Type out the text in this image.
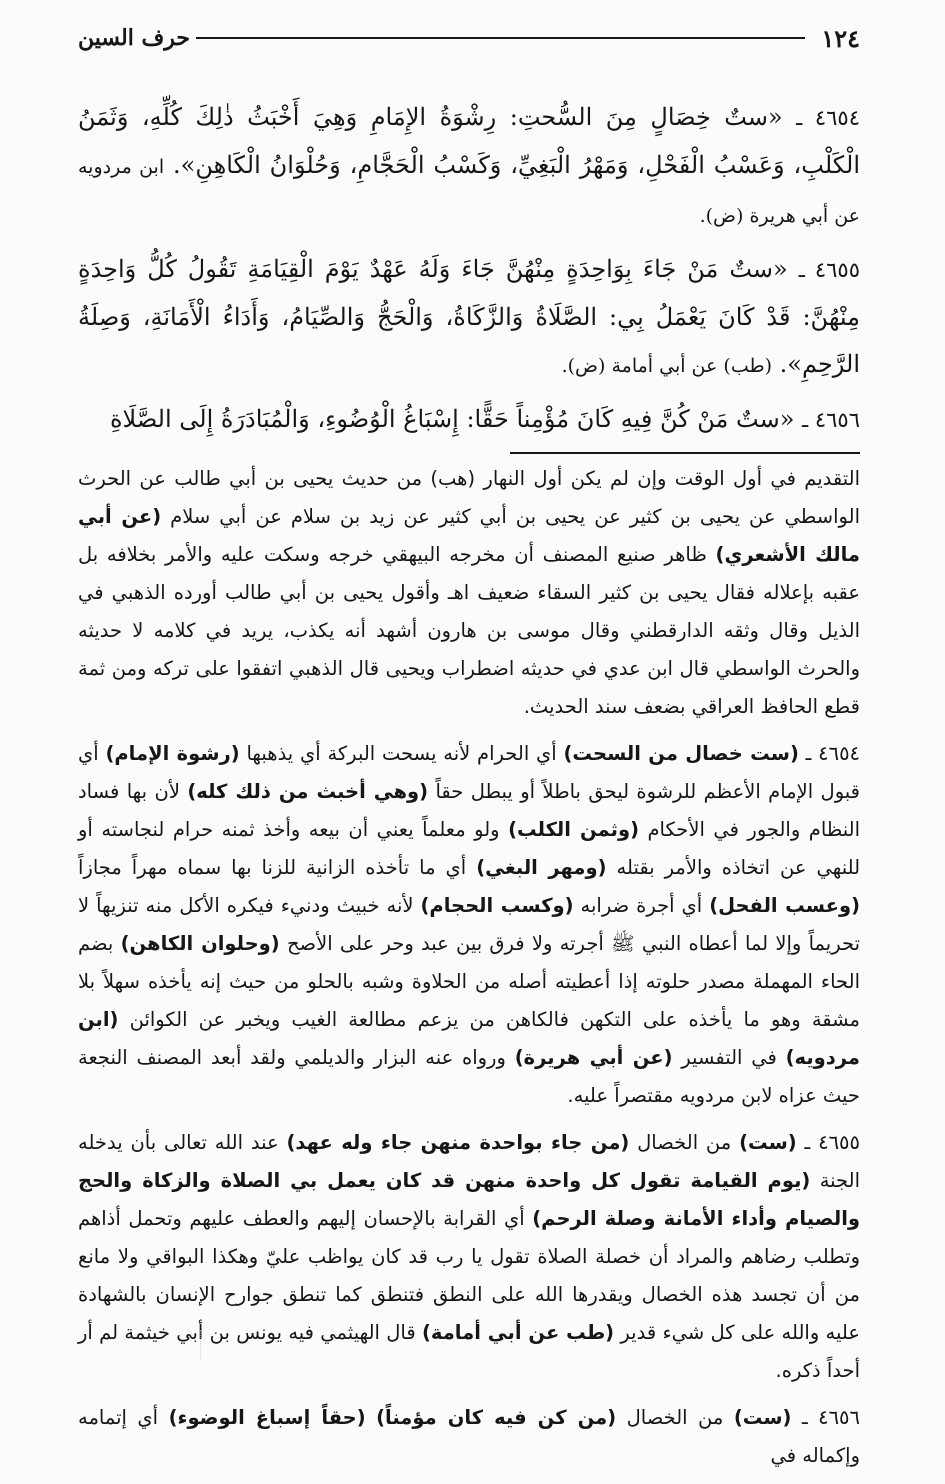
١٢٤
حرف السين

٤٦٥٤ ـ «ستٌ خِصَالٍ مِنَ السُّحتِ: رِشْوَةُ الإِمَامِ وَهِيَ أَخْبَثُ ذٰلِكَ كُلِّهِ، وَثَمَنُ الْكَلْبِ، وَعَسْبُ الْفَحْلِ، وَمَهْرُ الْبَغِيِّ، وَكَسْبُ الْحَجَّامِ، وَحُلْوَانُ الْكَاهِنِ». ابن مردويه عن أبي هريرة (ض).

٤٦٥٥ ـ «ستٌ مَنْ جَاءَ بِوَاحِدَةٍ مِنْهُنَّ جَاءَ وَلَهُ عَهْدٌ يَوْمَ الْقِيَامَةِ تَقُولُ كُلُّ وَاحِدَةٍ مِنْهُنَّ: قَدْ كَانَ يَعْمَلُ بِي: الصَّلَاةُ وَالزَّكَاةُ، وَالْحَجُّ وَالصِّيَامُ، وَأَدَاءُ الْأَمَانَةِ، وَصِلَةُ الرَّحِمِ». (طب) عن أبي أمامة (ض).

٤٦٥٦ ـ «ستٌ مَنْ كُنَّ فِيهِ كَانَ مُؤْمِناً حَقًّا: إِسْبَاغُ الْوُضُوءِ، وَالْمُبَادَرَةُ إِلَى الصَّلَاةِ

التقديم في أول الوقت وإن لم يكن أول النهار (هب) من حديث يحيى بن أبي طالب عن الحرث الواسطي عن يحيى بن كثير عن يحيى بن أبي كثير عن زيد بن سلام عن أبي سلام (عن أبي مالك الأشعري) ظاهر صنيع المصنف أن مخرجه البيهقي خرجه وسكت عليه والأمر بخلافه بل عقبه بإعلاله فقال يحيى بن كثير السقاء ضعيف اهـ وأقول يحيى بن أبي طالب أورده الذهبي في الذيل وقال وثقه الدارقطني وقال موسى بن هارون أشهد أنه يكذب، يريد في كلامه لا حديثه والحرث الواسطي قال ابن عدي في حديثه اضطراب ويحيى قال الذهبي اتفقوا على تركه ومن ثمة قطع الحافظ العراقي بضعف سند الحديث.

٤٦٥٤ ـ (ست خصال من السحت) أي الحرام لأنه يسحت البركة أي يذهبها (رشوة الإمام) أي قبول الإمام الأعظم للرشوة ليحق باطلاً أو يبطل حقاً (وهي أخبث من ذلك كله) لأن بها فساد النظام والجور في الأحكام (وثمن الكلب) ولو معلماً يعني أن بيعه وأخذ ثمنه حرام لنجاسته أو للنهي عن اتخاذه والأمر بقتله (ومهر البغي) أي ما تأخذه الزانية للزنا بها سماه مهراً مجازاً (وعسب الفحل) أي أجرة ضرابه (وكسب الحجام) لأنه خبيث ودنيء فيكره الأكل منه تنزيهاً لا تحريماً وإلا لما أعطاه النبي ﷺ أجرته ولا فرق بين عبد وحر على الأصح (وحلوان الكاهن) بضم الحاء المهملة مصدر حلوته إذا أعطيته أصله من الحلاوة وشبه بالحلو من حيث إنه يأخذه سهلاً بلا مشقة وهو ما يأخذه على التكهن فالكاهن من يزعم مطالعة الغيب ويخبر عن الكوائن (ابن مردويه) في التفسير (عن أبي هريرة) ورواه عنه البزار والديلمي ولقد أبعد المصنف النجعة حيث عزاه لابن مردويه مقتصراً عليه.

٤٦٥٥ ـ (ست) من الخصال (من جاء بواحدة منهن جاء وله عهد) عند الله تعالى بأن يدخله الجنة (يوم القيامة تقول كل واحدة منهن قد كان يعمل بي الصلاة والزكاة والحج والصيام وأداء الأمانة وصلة الرحم) أي القرابة بالإحسان إليهم والعطف عليهم وتحمل أذاهم وتطلب رضاهم والمراد أن خصلة الصلاة تقول يا رب قد كان يواظب عليّ وهكذا البواقي ولا مانع من أن تجسد هذه الخصال ويقدرها الله على النطق فتنطق كما تنطق جوارح الإنسان بالشهادة عليه والله على كل شيء قدير (طب عن أبي أمامة) قال الهيثمي فيه يونس بن أبي خيثمة لم أر أحداً ذكره.

٤٦٥٦ ـ (ست) من الخصال (من كن فيه كان مؤمناً) (حقاً إسباغ الوضوء) أي إتمامه وإكماله في
